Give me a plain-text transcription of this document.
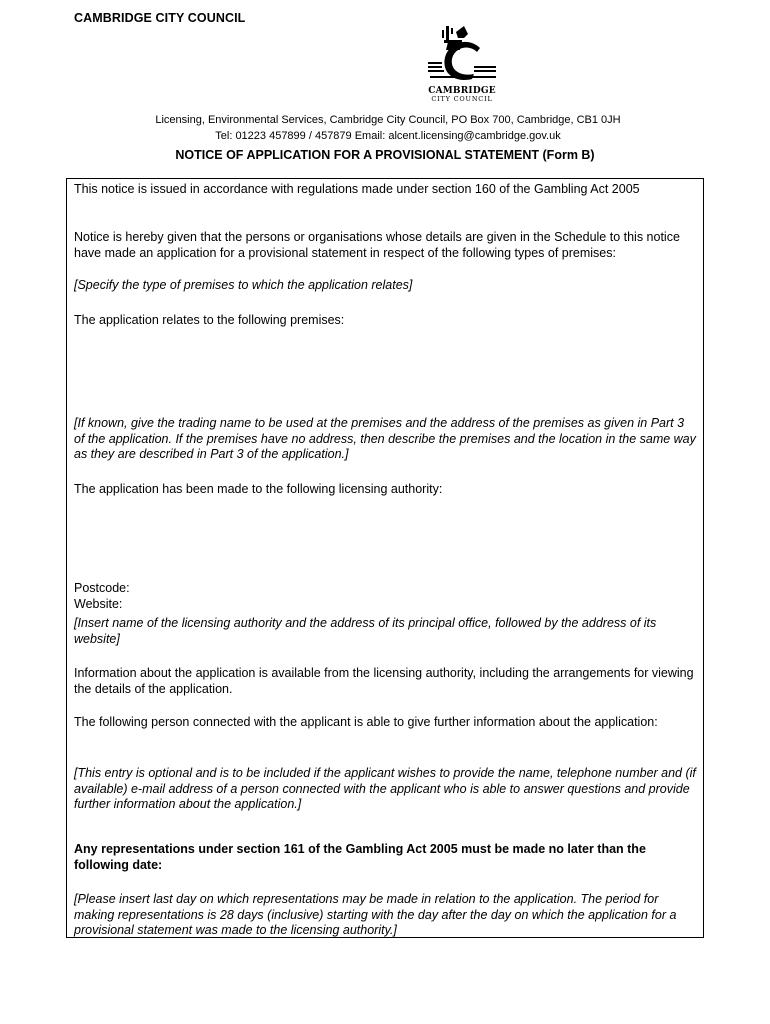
CAMBRIDGE CITY COUNCIL
CAMBRIDGE
CITY COUNCIL
Licensing, Environmental Services, Cambridge City Council, PO Box 700, Cambridge, CB1 0JH
Tel: 01223 457899 / 457879 Email: alcent.licensing@cambridge.gov.uk
NOTICE OF APPLICATION FOR A PROVISIONAL STATEMENT (Form B)

This notice is issued in accordance with regulations made under section 160 of the Gambling Act 2005

Notice is hereby given that the persons or organisations whose details are given in the Schedule to this notice have made an application for a provisional statement in respect of the following types of premises:

[Specify the type of premises to which the application relates]

The application relates to the following premises:

[If known, give the trading name to be used at the premises and the address of the premises as given in Part 3 of the application. If the premises have no address, then describe the premises and the location in the same way as they are described in Part 3 of the application.]

The application has been made to the following licensing authority:

Postcode:

Website:

[Insert name of the licensing authority and the address of its principal office, followed by the address of its website]

Information about the application is available from the licensing authority, including the arrangements for viewing the details of the application.

The following person connected with the applicant is able to give further information about the application:

[This entry is optional and is to be included if the applicant wishes to provide the name, telephone number and (if available) e-mail address of a person connected with the applicant who is able to answer questions and provide further information about the application.]

Any representations under section 161 of the Gambling Act 2005 must be made no later than the following date:

[Please insert last day on which representations may be made in relation to the application. The period for making representations is 28 days (inclusive) starting with the day after the day on which the application for a provisional statement was made to the licensing authority.]
